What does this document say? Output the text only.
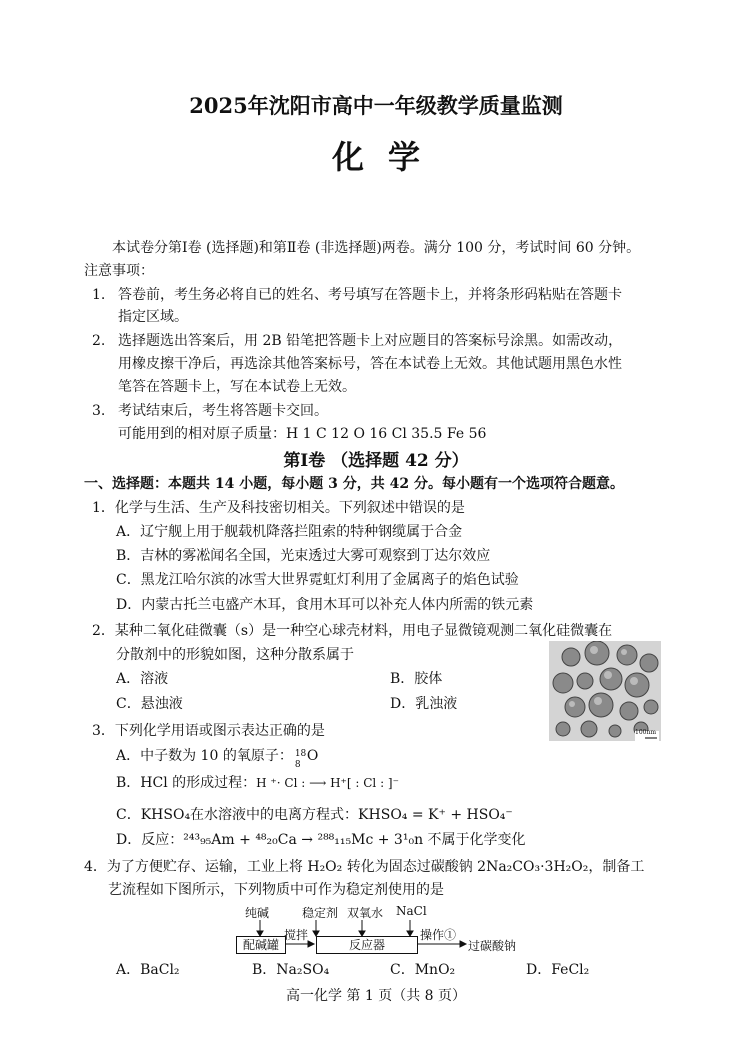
2025年沈阳市高中一年级教学质量监测
化学
本试卷分第Ⅰ卷 (选择题)和第Ⅱ卷 (非选择题)两卷。满分 100 分，考试时间 60 分钟。
注意事项：
1. 答卷前，考生务必将自已的姓名、考号填写在答题卡上，并将条形码粘贴在答题卡
指定区域。
2. 选择题选出答案后，用 2B 铅笔把答题卡上对应题目的答案标号涂黑。如需改动，
用橡皮擦干净后，再选涂其他答案标号，答在本试卷上无效。其他试题用黑色水性
笔答在答题卡上，写在本试卷上无效。
3. 考试结束后，考生将答题卡交回。
可能用到的相对原子质量：H 1 C 12 O 16 Cl 35.5 Fe 56
第Ⅰ卷 （选择题 42 分）
一、选择题：本题共 14 小题，每小题 3 分，共 42 分。每小题有一个选项符合题意。
1．化学与生活、生产及科技密切相关。下列叙述中错误的是
A．辽宁舰上用于舰载机降落拦阻索的特种钢缆属于合金
B．吉林的雾凇闻名全国，光束透过大雾可观察到丁达尔效应
C．黑龙江哈尔滨的冰雪大世界霓虹灯利用了金属离子的焰色试验
D．内蒙古托兰屯盛产木耳，食用木耳可以补充人体内所需的铁元素
2．某种二氧化硅微囊（s）是一种空心球壳材料，用电子显微镜观测二氧化硅微囊在
分散剂中的形貌如图，这种分散系属于
A．溶液	B．胶体
C．悬浊液	D．乳浊液
100nm
3．下列化学用语或图示表达正确的是
A．中子数为 10 的氧原子： 18
8
O
B．HCl 的形成过程：H ⁺· Cl : ⟶ H⁺[ : Cl : ]⁻
C．KHSO₄在水溶液中的电离方程式：KHSO₄ = K⁺ + HSO₄⁻
D．反应：²⁴³₉₅Am + ⁴⁸₂₀Ca → ²⁸⁸₁₁₅Mc + 3¹₀n 不属于化学变化
4．为了方便贮存、运输，工业上将 H₂O₂ 转化为固态过碳酸钠 2Na₂CO₃·3H₂O₂，制备工
艺流程如下图所示，下列物质中可作为稳定剂使用的是
纯碱	稳定剂 双氧水 NaCl
配碱罐
搅拌
反应器
操作①
过碳酸钠
A．BaCl₂	B．Na₂SO₄	C．MnO₂	D．FeCl₂
高一化学 第 1 页（共 8 页）
